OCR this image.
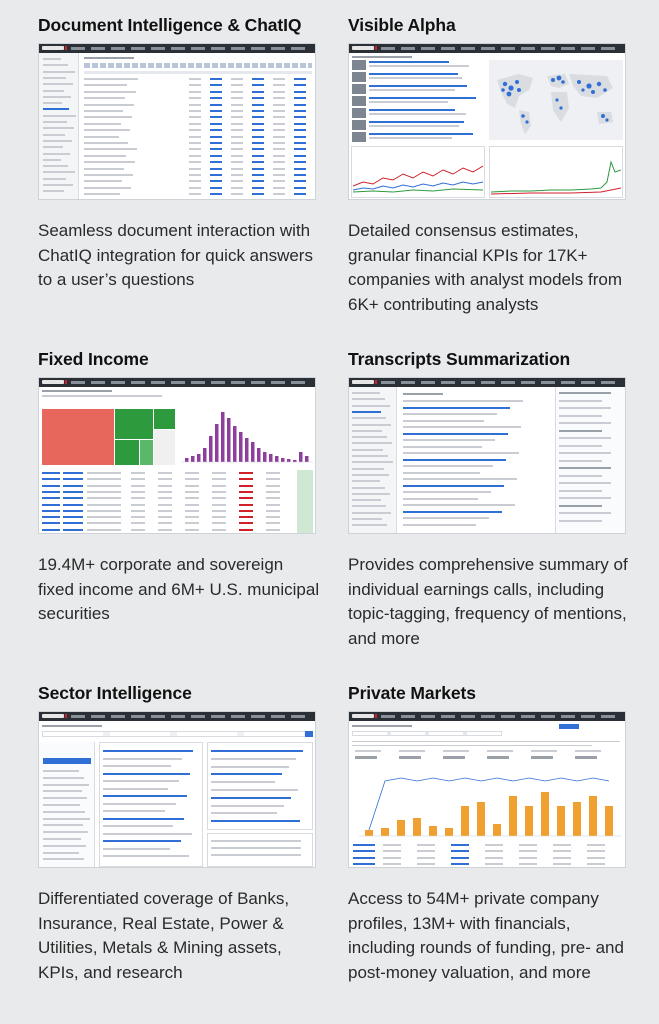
Document Intelligence & ChatIQ

Seamless document interaction with ChatIQ integration for quick answers to a user’s questions

Visible Alpha

Detailed consensus estimates, granular financial KPIs for 17K+ companies with analyst models from 6K+ contributing analysts

Fixed Income

19.4M+ corporate and sovereign fixed income and 6M+ U.S. municipal securities

Transcripts Summarization

Provides comprehensive summary of individual earnings calls, including topic-tagging, frequency of mentions, and more

Sector Intelligence

Differentiated coverage of Banks, Insurance, Real Estate, Power & Utilities, Metals & Mining assets, KPIs, and research

Private Markets

Access to 54M+ private company profiles, 13M+ with financials, including rounds of funding, pre- and post-money valuation, and more
